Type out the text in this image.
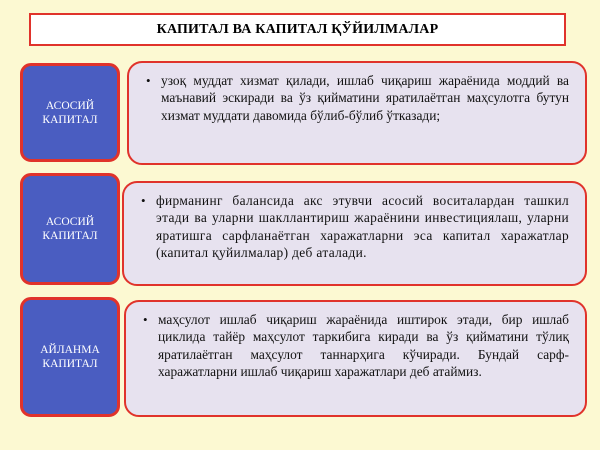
КАПИТАЛ ВА КАПИТАЛ ҚЎЙИЛМАЛАР
АСОСИЙ
КАПИТАЛ
• узоқ муддат хизмат қилади, ишлаб чиқариш жараёнида моддий ва маънавий эскиради ва ўз қийматини яратилаётган маҳсулотга бутун хизмат муддати давомида бўлиб-бўлиб ўтказади;
АСОСИЙ
КАПИТАЛ
• фирманинг балансида акс этувчи асосий воситалардан ташкил этади ва уларни шакллантириш жараёнини инвестициялаш, уларни яратишга сарфланаётган харажатларни эса капитал харажатлар (капитал қуйилмалар) деб аталади.
АЙЛАНМА
КАПИТАЛ
• маҳсулот ишлаб чиқариш жараёнида иштирок этади, бир ишлаб циклида тайёр маҳсулот таркибига киради ва ўз қийматини тўлиқ яратилаётган маҳсулот таннарҳига кўчиради. Бундай сарф-харажатларни ишлаб чиқариш харажатлари деб атаймиз.
